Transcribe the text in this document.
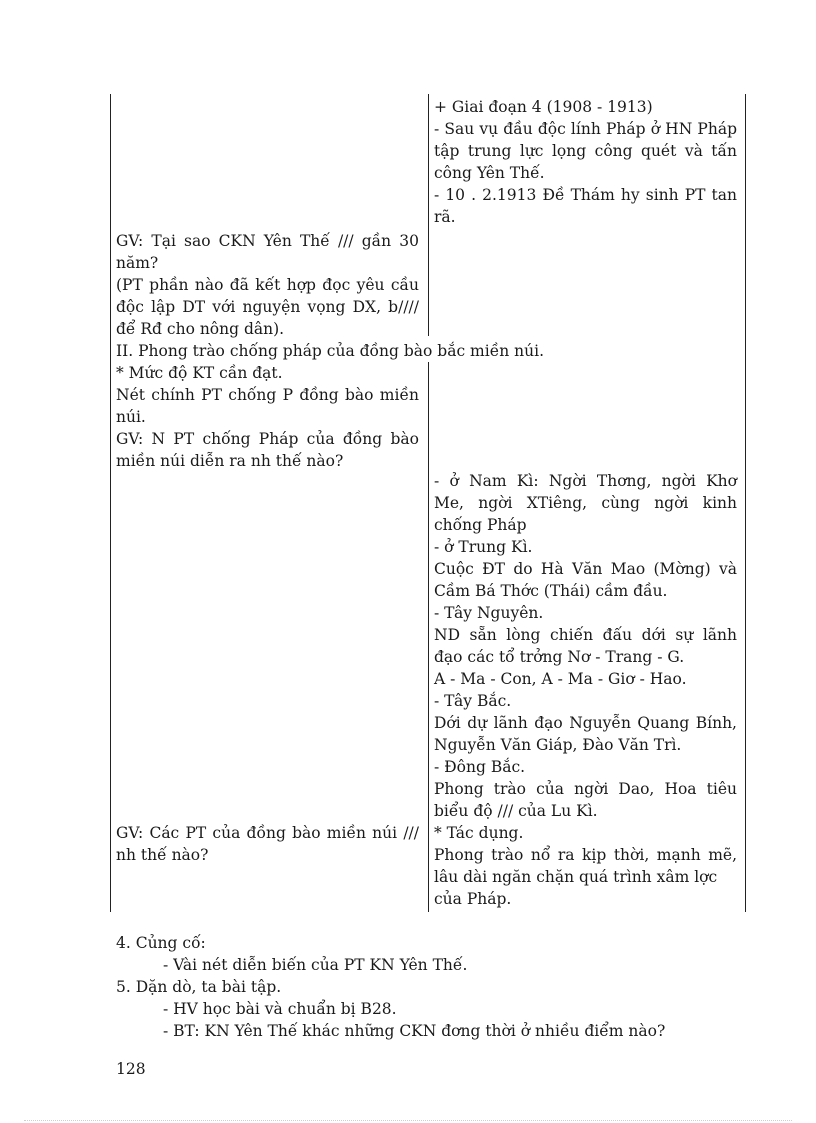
+ Giai đoạn 4 (1908 - 1913)
- Sau vụ đầu độc lính Pháp ở HN Pháp
tập trung lực lọng công quét và tấn
công Yên Thế.
- 10 . 2.1913 Đề Thám hy sinh PT tan
rã.
GV: Tại sao CKN Yên Thế /// gần 30
năm?
(PT phần nào đã kết hợp đọc yêu cầu
độc lập DT với nguyện vọng DX, b////
để Rđ cho nông dân).
II. Phong trào chống pháp của đồng bào bắc miền núi.
* Mức độ KT cần đạt.
Nét chính PT chống P đồng bào miền
núi.
GV: N PT chống Pháp của đồng bào
miền núi diễn ra nh thế nào?
- ở Nam Kì: Ngời Thơng, ngời Khơ
Me, ngời XTiêng, cùng ngời kinh
chống Pháp
- ở Trung Kì.
Cuộc ĐT do Hà Văn Mao (Mờng) và
Cầm Bá Thớc (Thái) cầm đầu.
- Tây Nguyên.
ND sẵn lòng chiến đấu dới sự lãnh
đạo các tổ trởng Nơ - Trang - G.
A - Ma - Con, A - Ma - Giơ - Hao.
- Tây Bắc.
Dới dự lãnh đạo Nguyễn Quang Bính,
Nguyễn Văn Giáp, Đào Văn Trì.
- Đông Bắc.
Phong trào của ngời Dao, Hoa tiêu
biểu độ /// của Lu Kì.
* Tác dụng.
Phong trào nổ ra kịp thời, mạnh mẽ,
lâu dài ngăn chặn quá trình xâm lợc
của Pháp.
GV: Các PT của đồng bào miền núi ///
nh thế nào?
4. Củng cố:
- Vài nét diễn biến của PT KN Yên Thế.
5. Dặn dò, ta bài tập.
- HV học bài và chuẩn bị B28.
- BT: KN Yên Thế khác những CKN đơng thời ở nhiều điểm nào?
128
